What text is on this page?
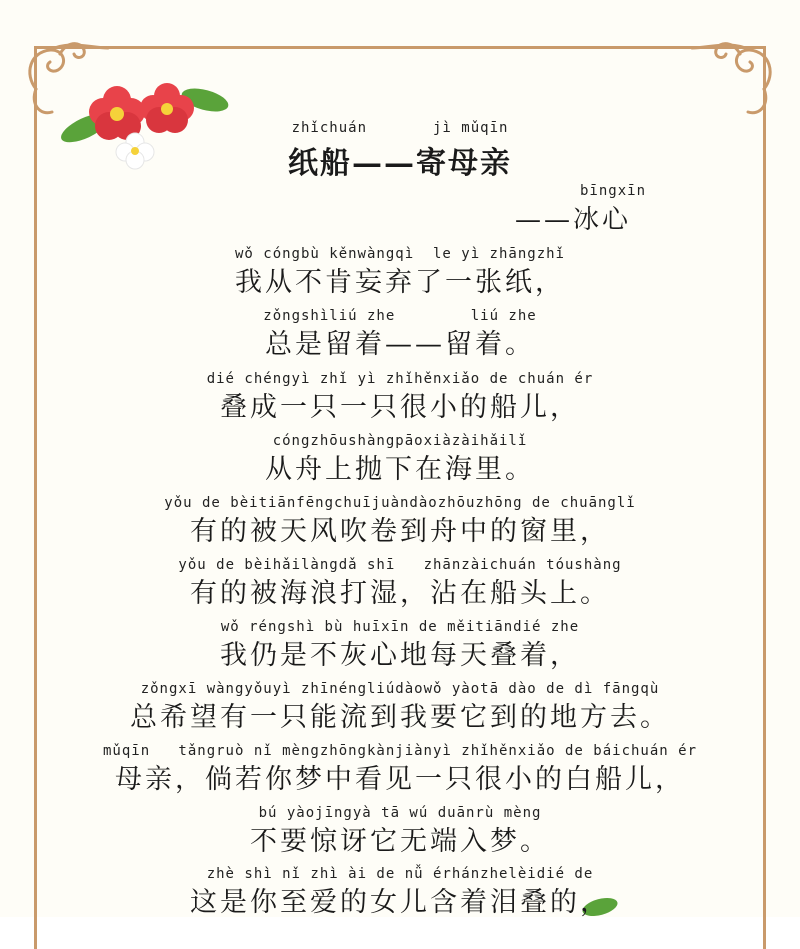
zhǐchuán       jì mǔqīn
纸船——寄母亲
bīngxīn
——冰心
wǒ cóngbù kěnwàngqì  le yì zhāngzhǐ
我从不肯妄弃了一张纸，
zǒngshìliú zhe        liú zhe
总是留着——留着。
dié chéngyì zhǐ yì zhǐhěnxiǎo de chuán ér
叠成一只一只很小的船儿，
cóngzhōushàngpāoxiàzàihǎilǐ
从舟上抛下在海里。
yǒu de bèitiānfēngchuījuàndàozhōuzhōng de chuānglǐ
有的被天风吹卷到舟中的窗里，
yǒu de bèihǎilàngdǎ shī   zhānzàichuán tóushàng
有的被海浪打湿，沾在船头上。
wǒ réngshì bù huīxīn de měitiāndié zhe
我仍是不灰心地每天叠着，
zǒngxī wàngyǒuyì zhīnéngliúdàowǒ yàotā dào de dì fāngqù
总希望有一只能流到我要它到的地方去。
mǔqīn   tǎngruò nǐ mèngzhōngkànjiànyì zhǐhěnxiǎo de báichuán ér
母亲，倘若你梦中看见一只很小的白船儿，
bú yàojīngyà tā wú duānrù mèng
不要惊讶它无端入梦。
zhè shì nǐ zhì ài de nǚ érhánzhelèidié de
这是你至爱的女儿含着泪叠的，
